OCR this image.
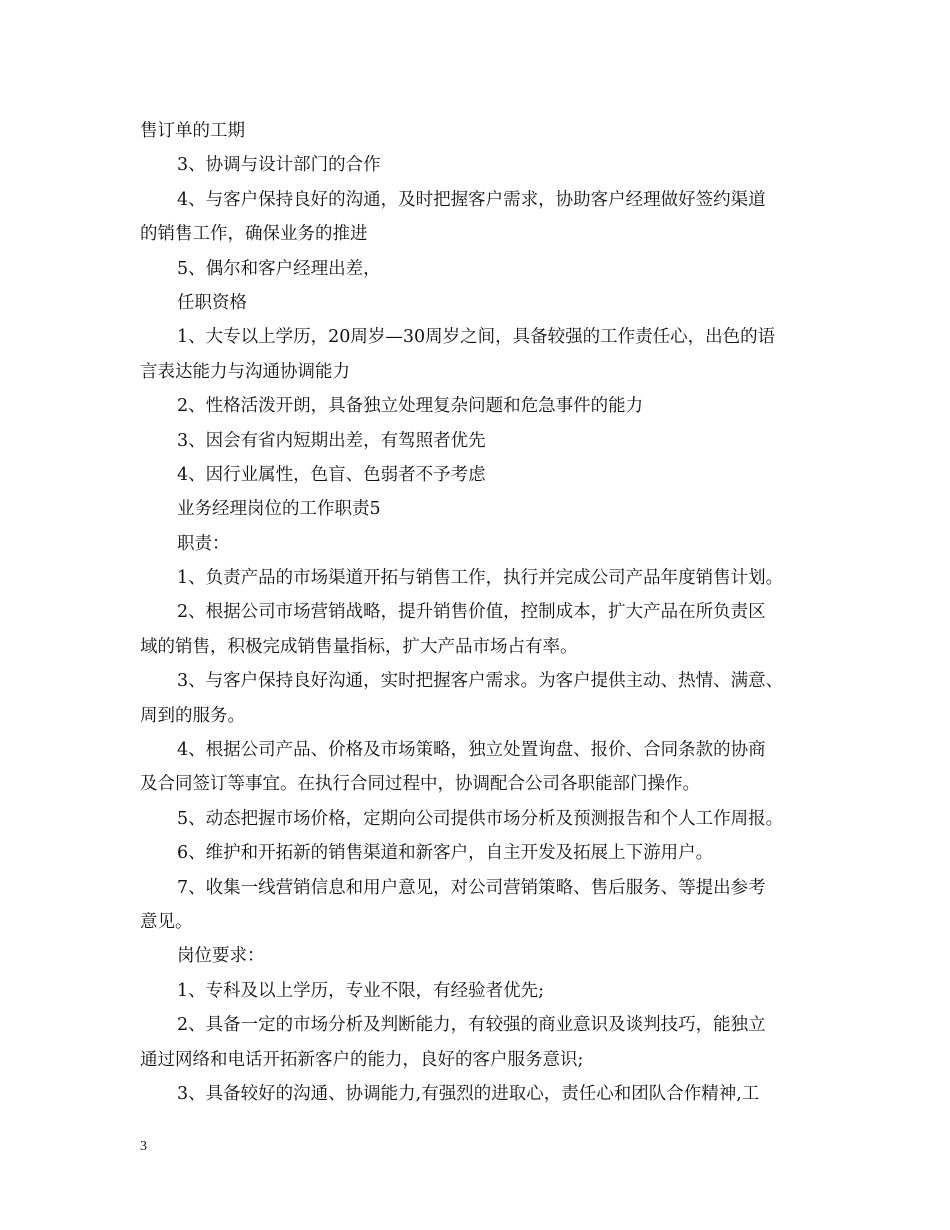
售订单的工期
3、协调与设计部门的合作
4、与客户保持良好的沟通，及时把握客户需求，协助客户经理做好签约渠道
的销售工作，确保业务的推进
5、偶尔和客户经理出差，
任职资格
1、大专以上学历，20周岁—30周岁之间，具备较强的工作责任心，出色的语
言表达能力与沟通协调能力
2、性格活泼开朗，具备独立处理复杂问题和危急事件的能力
3、因会有省内短期出差，有驾照者优先
4、因行业属性，色盲、色弱者不予考虑
业务经理岗位的工作职责5
职责：
1、负责产品的市场渠道开拓与销售工作，执行并完成公司产品年度销售计划。
2、根据公司市场营销战略，提升销售价值，控制成本，扩大产品在所负责区
域的销售，积极完成销售量指标，扩大产品市场占有率。
3、与客户保持良好沟通，实时把握客户需求。为客户提供主动、热情、满意、
周到的服务。
4、根据公司产品、价格及市场策略，独立处置询盘、报价、合同条款的协商
及合同签订等事宜。在执行合同过程中，协调配合公司各职能部门操作。
5、动态把握市场价格，定期向公司提供市场分析及预测报告和个人工作周报。
6、维护和开拓新的销售渠道和新客户，自主开发及拓展上下游用户。
7、收集一线营销信息和用户意见，对公司营销策略、售后服务、等提出参考
意见。
岗位要求：
1、专科及以上学历，专业不限，有经验者优先;
2、具备一定的市场分析及判断能力，有较强的商业意识及谈判技巧，能独立
通过网络和电话开拓新客户的能力，良好的客户服务意识;
3、具备较好的沟通、协调能力,有强烈的进取心，责任心和团队合作精神,工
3
